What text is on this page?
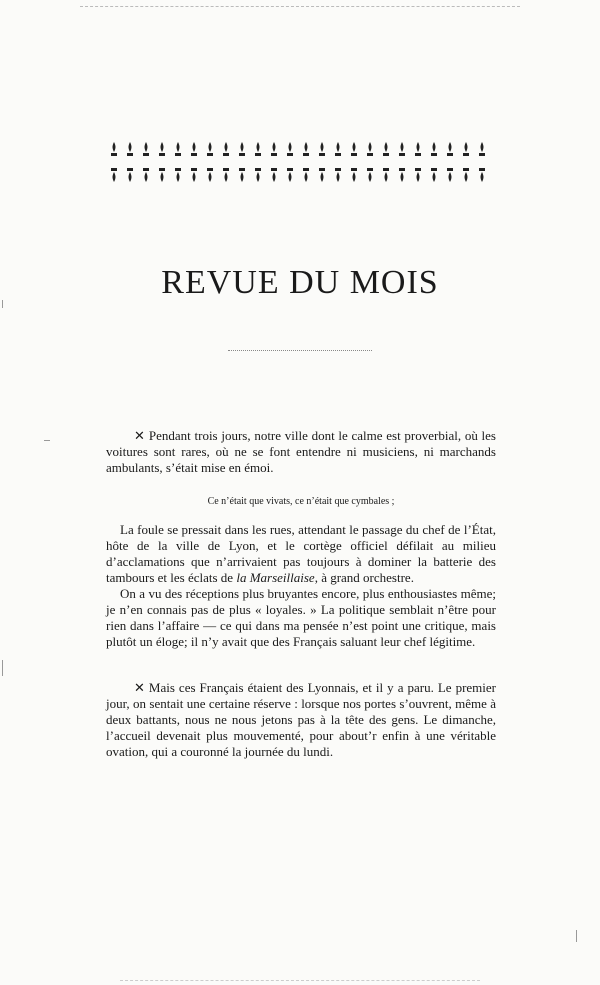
REVUE DU MOIS

✕ Pendant trois jours, notre ville dont le calme est proverbial, où les voitures sont rares, où ne se font entendre ni musiciens, ni marchands ambulants, s’était mise en émoi.

Ce n’était que vivats, ce n’était que cymbales ;

La foule se pressait dans les rues, attendant le passage du chef de l’État, hôte de la ville de Lyon, et le cortège officiel défilait au milieu d’acclamations que n’arrivaient pas toujours à dominer la batterie des tambours et les éclats de la Marseillaise, à grand orchestre.

On a vu des réceptions plus bruyantes encore, plus enthousiastes même; je n’en connais pas de plus « loyales. » La politique semblait n’être pour rien dans l’affaire — ce qui dans ma pensée n’est point une critique, mais plutôt un éloge; il n’y avait que des Français saluant leur chef légitime.

✕ Mais ces Français étaient des Lyonnais, et il y a paru. Le premier jour, on sentait une certaine réserve : lorsque nos portes s’ouvrent, même à deux battants, nous ne nous jetons pas à la tête des gens. Le dimanche, l’accueil devenait plus mouvementé, pour about’r enfin à une véritable ovation, qui a couronné la journée du lundi.
